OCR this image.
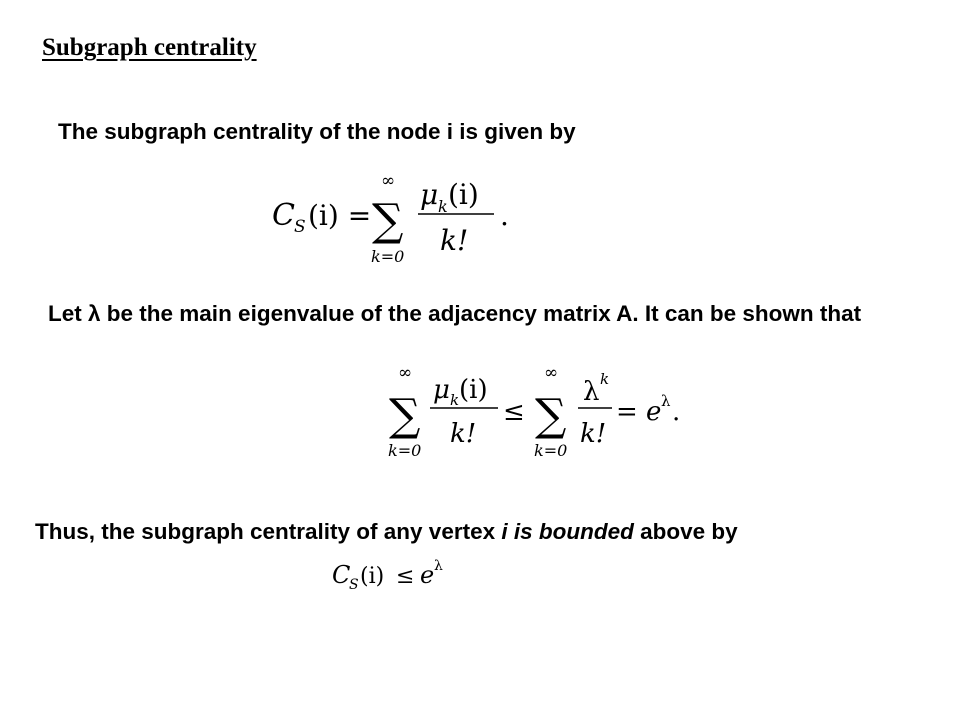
Subgraph centrality
The subgraph centrality of the node i is given by
C S (i) =
∞
∑
k=0
μ k (i)
k!
.
Let λ be the main eigenvalue of the adjacency matrix A. It can be shown that
∞
∑
k=0
μ k (i)
k!
≤
∞
∑
k=0
λ k
k!
= e λ .
Thus, the subgraph centrality of any vertex i is bounded above by
C
S (i) ≤ e λ
